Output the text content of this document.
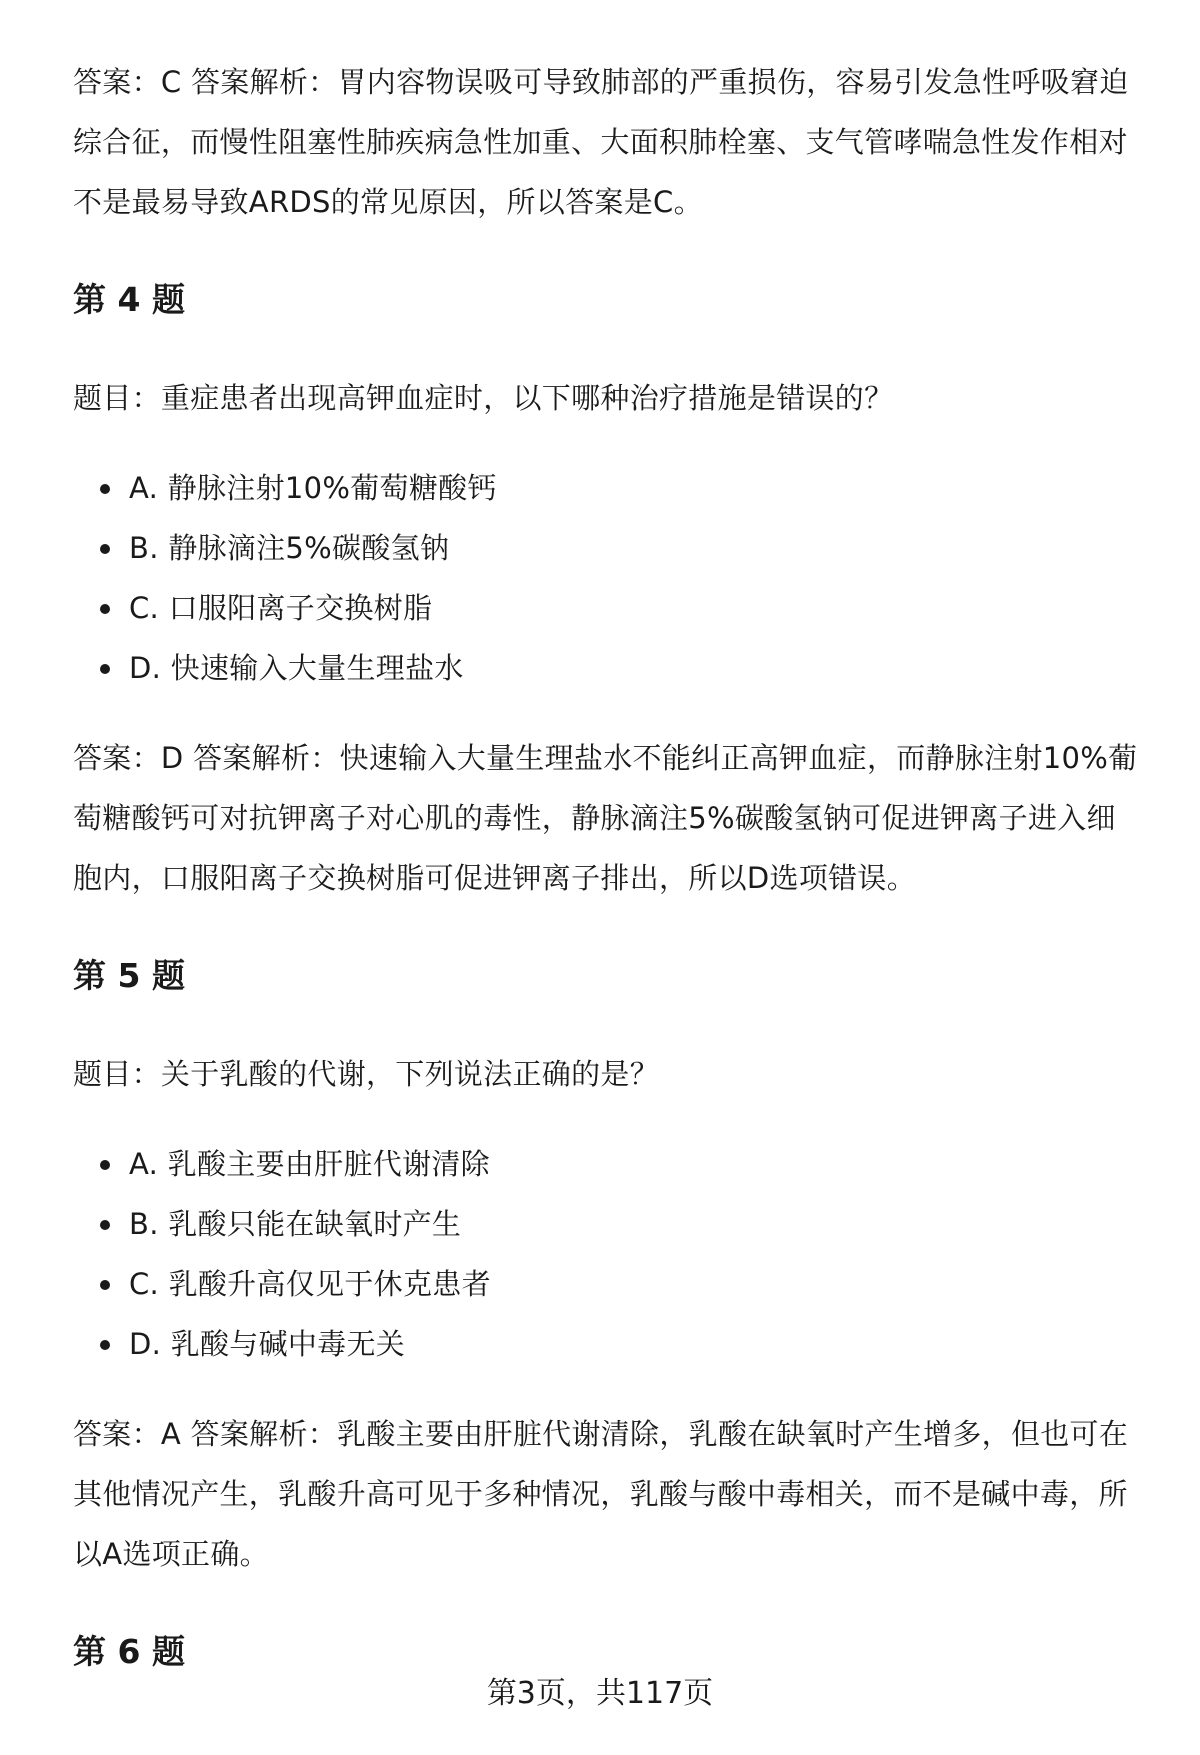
答案：C 答案解析：胃内容物误吸可导致肺部的严重损伤，容易引发急性呼吸窘迫

综合征，而慢性阻塞性肺疾病急性加重、大面积肺栓塞、支气管哮喘急性发作相对

不是最易导致ARDS的常见原因，所以答案是C。

第 4 题

题目：重症患者出现高钾血症时，以下哪种治疗措施是错误的？

A. 静脉注射10%葡萄糖酸钙
B. 静脉滴注5%碳酸氢钠
C. 口服阳离子交换树脂
D. 快速输入大量生理盐水

答案：D 答案解析：快速输入大量生理盐水不能纠正高钾血症，而静脉注射10%葡

萄糖酸钙可对抗钾离子对心肌的毒性，静脉滴注5%碳酸氢钠可促进钾离子进入细

胞内，口服阳离子交换树脂可促进钾离子排出，所以D选项错误。

第 5 题

题目：关于乳酸的代谢，下列说法正确的是？

A. 乳酸主要由肝脏代谢清除
B. 乳酸只能在缺氧时产生
C. 乳酸升高仅见于休克患者
D. 乳酸与碱中毒无关

答案：A 答案解析：乳酸主要由肝脏代谢清除，乳酸在缺氧时产生增多，但也可在

其他情况产生，乳酸升高可见于多种情况，乳酸与酸中毒相关，而不是碱中毒，所

以A选项正确。

第 6 题
第3页，共117页
